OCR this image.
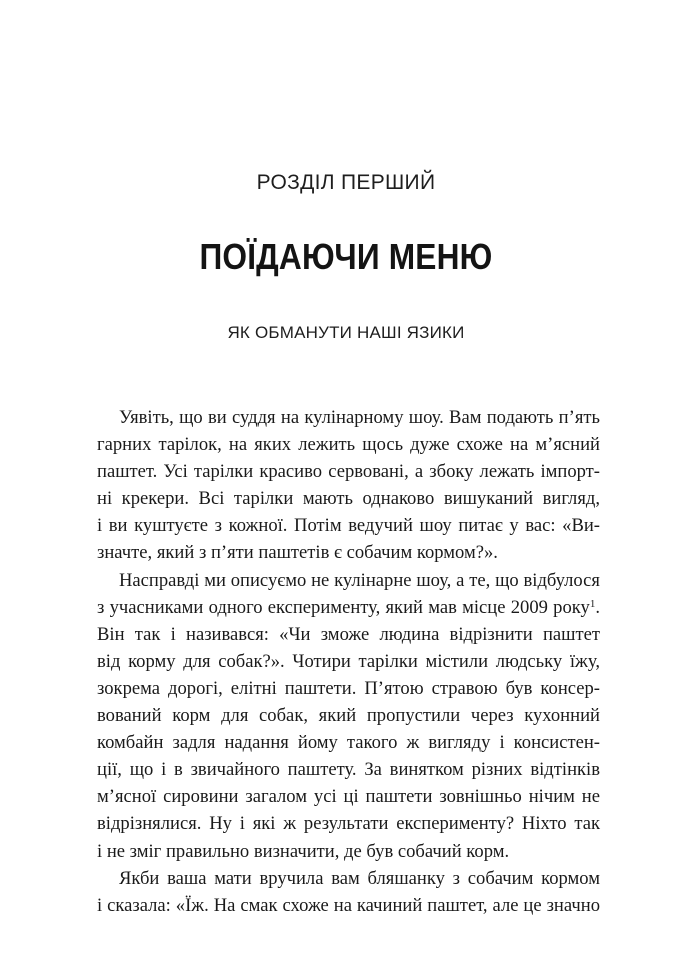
РОЗДІЛ ПЕРШИЙ
ПОЇДАЮЧИ МЕНЮ
ЯК ОБМАНУТИ НАШІ ЯЗИКИ
Уявіть, що ви суддя на кулінарному шоу. Вам подають п’ять
гарних тарілок, на яких лежить щось дуже схоже на м’ясний
паштет. Усі тарілки красиво сервовані, а збоку лежать імпорт-
ні крекери. Всі тарілки мають однаково вишуканий вигляд,
і ви куштуєте з кожної. Потім ведучий шоу питає у вас: «Ви-
значте, який з п’яти паштетів є собачим кормом?».
Насправді ми описуємо не кулінарне шоу, а те, що відбулося
з учасниками одного експерименту, який мав місце 2009 року$^1$.
Він так і називався: «Чи зможе людина відрізнити паштет
від корму для собак?». Чотири тарілки містили людську їжу,
зокрема дорогі, елітні паштети. П’ятою стравою був консер-
вований корм для собак, який пропустили через кухонний
комбайн задля надання йому такого ж вигляду і консистен-
ції, що і в звичайного паштету. За винятком різних відтінків
м’ясної сировини загалом усі ці паштети зовнішньо нічим не
відрізнялися. Ну і які ж результати експерименту? Ніхто так
і не зміг правильно визначити, де був собачий корм.
Якби ваша мати вручила вам бляшанку з собачим кормом
і сказала: «Їж. На смак схоже на качиний паштет, але це значно
